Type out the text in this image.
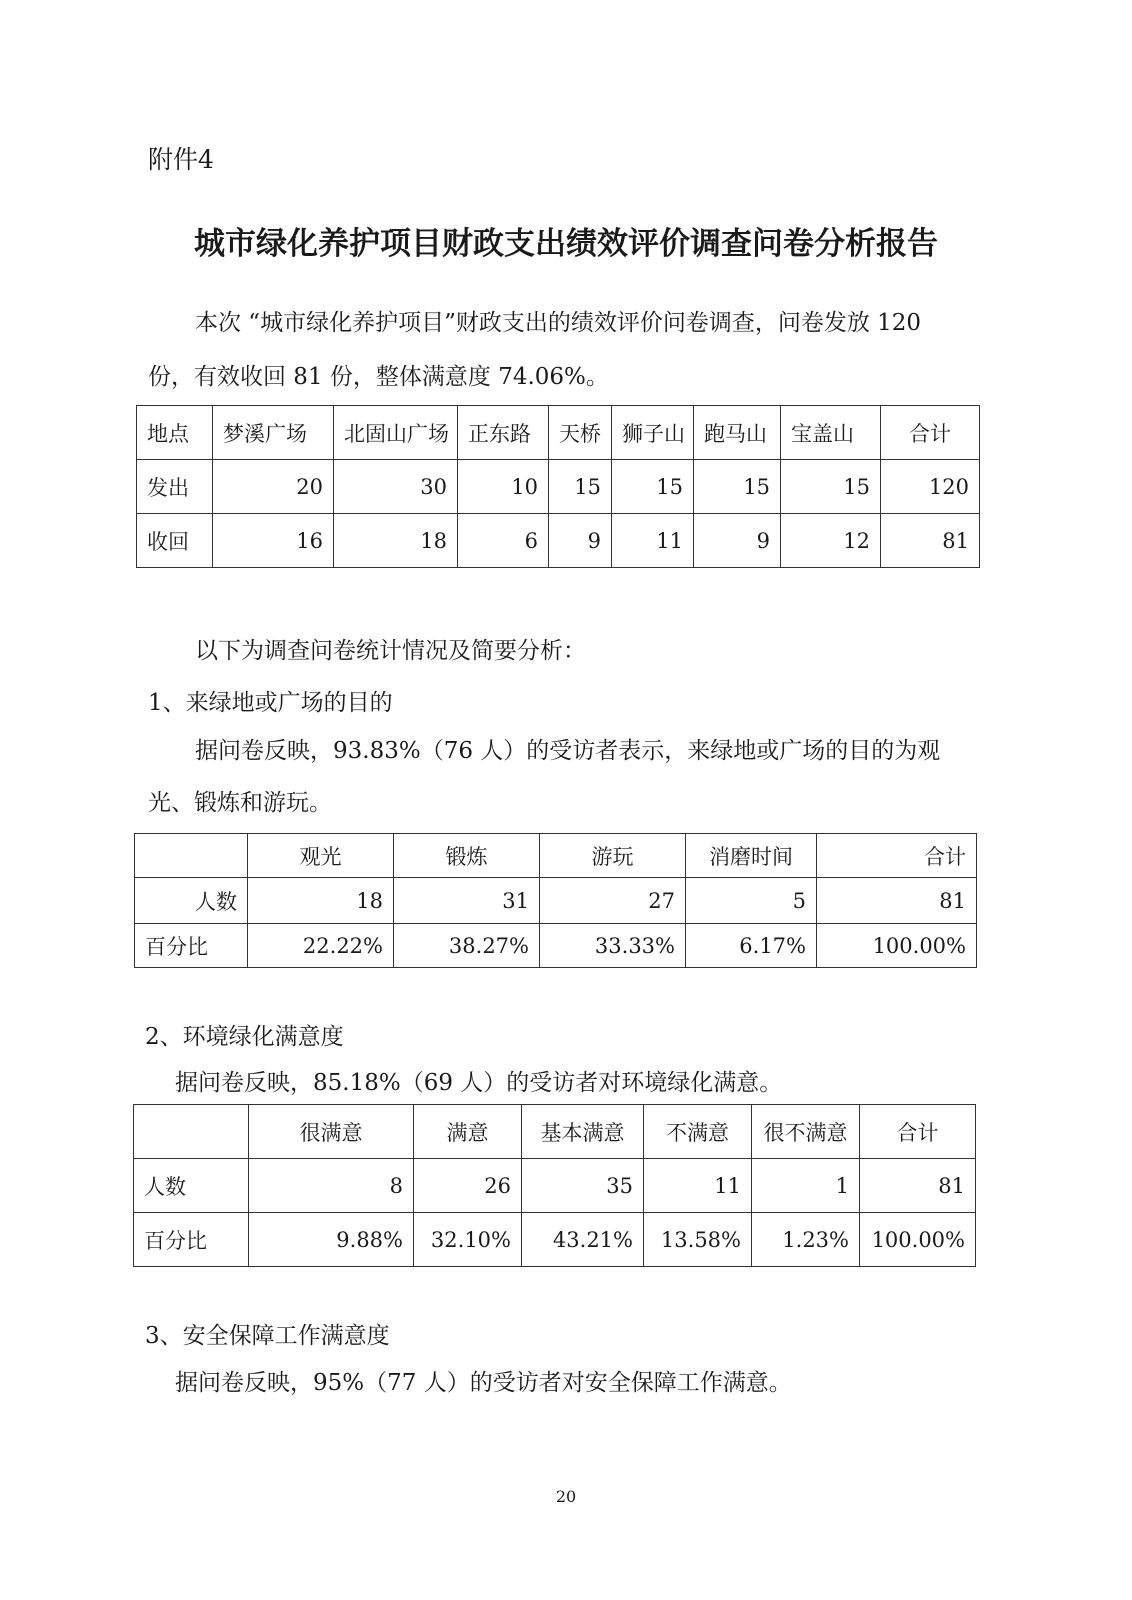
附件4
城市绿化养护项目财政支出绩效评价调查问卷分析报告
本次 “城市绿化养护项目”财政支出的绩效评价问卷调查，问卷发放 120
份，有效收回 81 份，整体满意度 74.06%。
地点	梦溪广场	北固山广场	正东路	天桥	狮子山	跑马山	宝盖山	合计
发出	20	30	10	15	15	15	15	120
收回	16	18	6	9	11	9	12	81
以下为调查问卷统计情况及简要分析：
1、来绿地或广场的目的
据问卷反映，93.83%（76 人）的受访者表示，来绿地或广场的目的为观
光、锻炼和游玩。
	观光	锻炼	游玩	消磨时间	合计
人数	18	31	27	5	81
百分比	22.22%	38.27%	33.33%	6.17%	100.00%
2、环境绿化满意度
据问卷反映，85.18%（69 人）的受访者对环境绿化满意。
	很满意	满意	基本满意	不满意	很不满意	合计
人数	8	26	35	11	1	81
百分比	9.88%	32.10%	43.21%	13.58%	1.23%	100.00%
3、安全保障工作满意度
据问卷反映，95%（77 人）的受访者对安全保障工作满意。
20
